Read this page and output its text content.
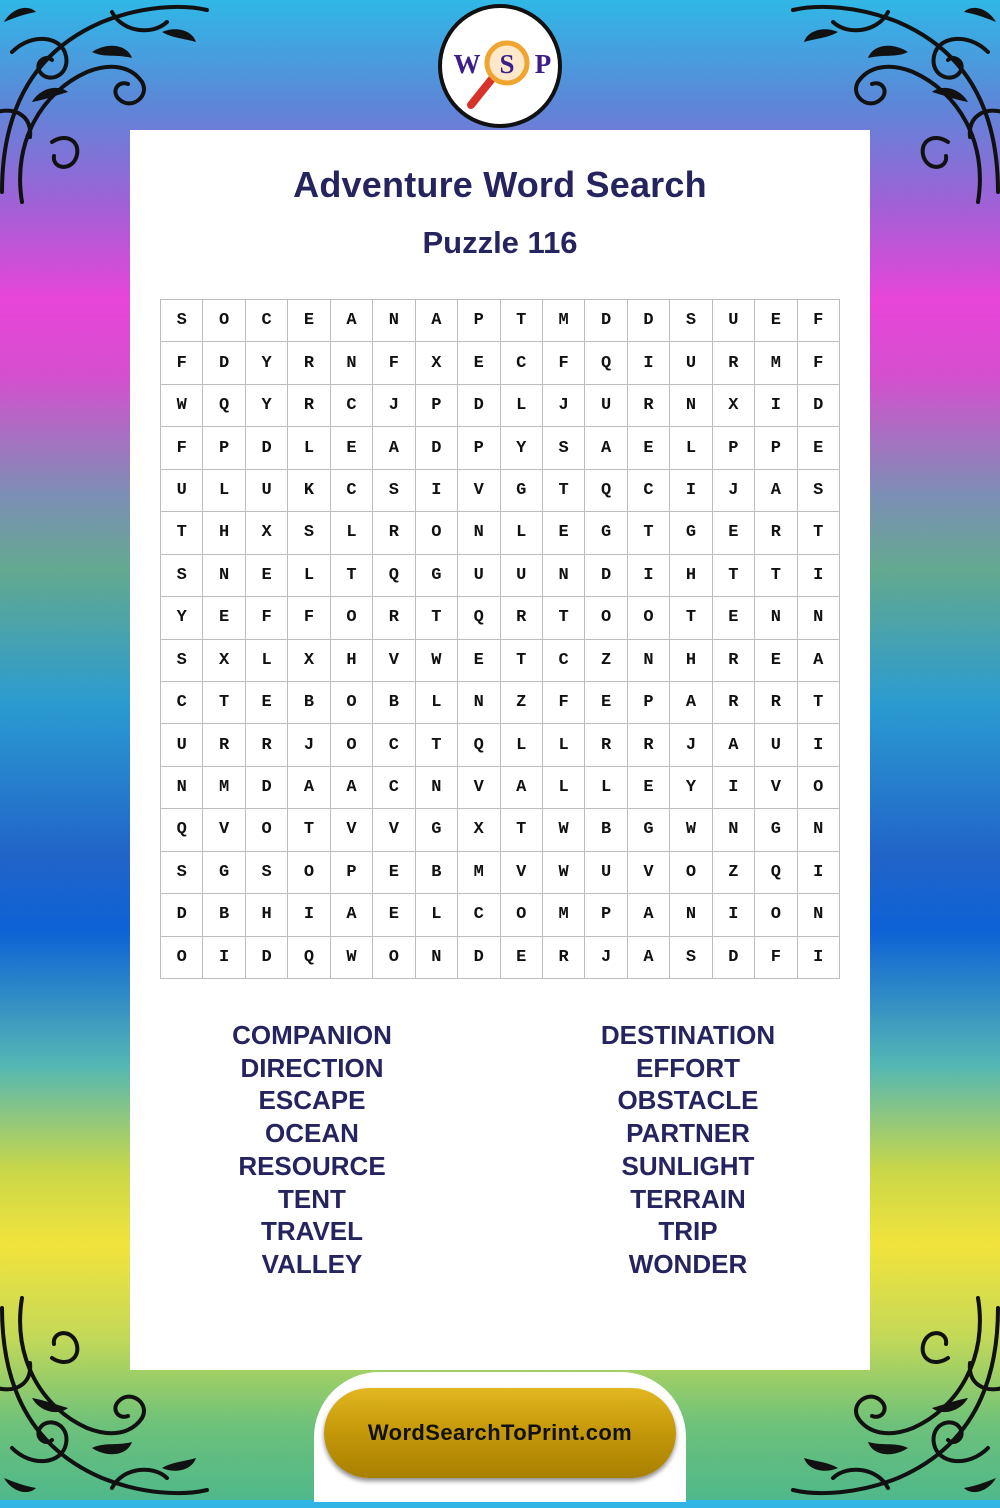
S
W P
Adventure Word Search
Puzzle 116
S	O	C	E	A	N	A	P	T	M	D	D	S	U	E	F
F	D	Y	R	N	F	X	E	C	F	Q	I	U	R	M	F
W	Q	Y	R	C	J	P	D	L	J	U	R	N	X	I	D
F	P	D	L	E	A	D	P	Y	S	A	E	L	P	P	E
U	L	U	K	C	S	I	V	G	T	Q	C	I	J	A	S
T	H	X	S	L	R	O	N	L	E	G	T	G	E	R	T
S	N	E	L	T	Q	G	U	U	N	D	I	H	T	T	I
Y	E	F	F	O	R	T	Q	R	T	O	O	T	E	N	N
S	X	L	X	H	V	W	E	T	C	Z	N	H	R	E	A
C	T	E	B	O	B	L	N	Z	F	E	P	A	R	R	T
U	R	R	J	O	C	T	Q	L	L	R	R	J	A	U	I
N	M	D	A	A	C	N	V	A	L	L	E	Y	I	V	O
Q	V	O	T	V	V	G	X	T	W	B	G	W	N	G	N
S	G	S	O	P	E	B	M	V	W	U	V	O	Z	Q	I
D	B	H	I	A	E	L	C	O	M	P	A	N	I	O	N
O	I	D	Q	W	O	N	D	E	R	J	A	S	D	F	I
COMPANION
DIRECTION
ESCAPE
OCEAN
RESOURCE
TENT
TRAVEL
VALLEY
DESTINATION
EFFORT
OBSTACLE
PARTNER
SUNLIGHT
TERRAIN
TRIP
WONDER
WordSearchToPrint.com
